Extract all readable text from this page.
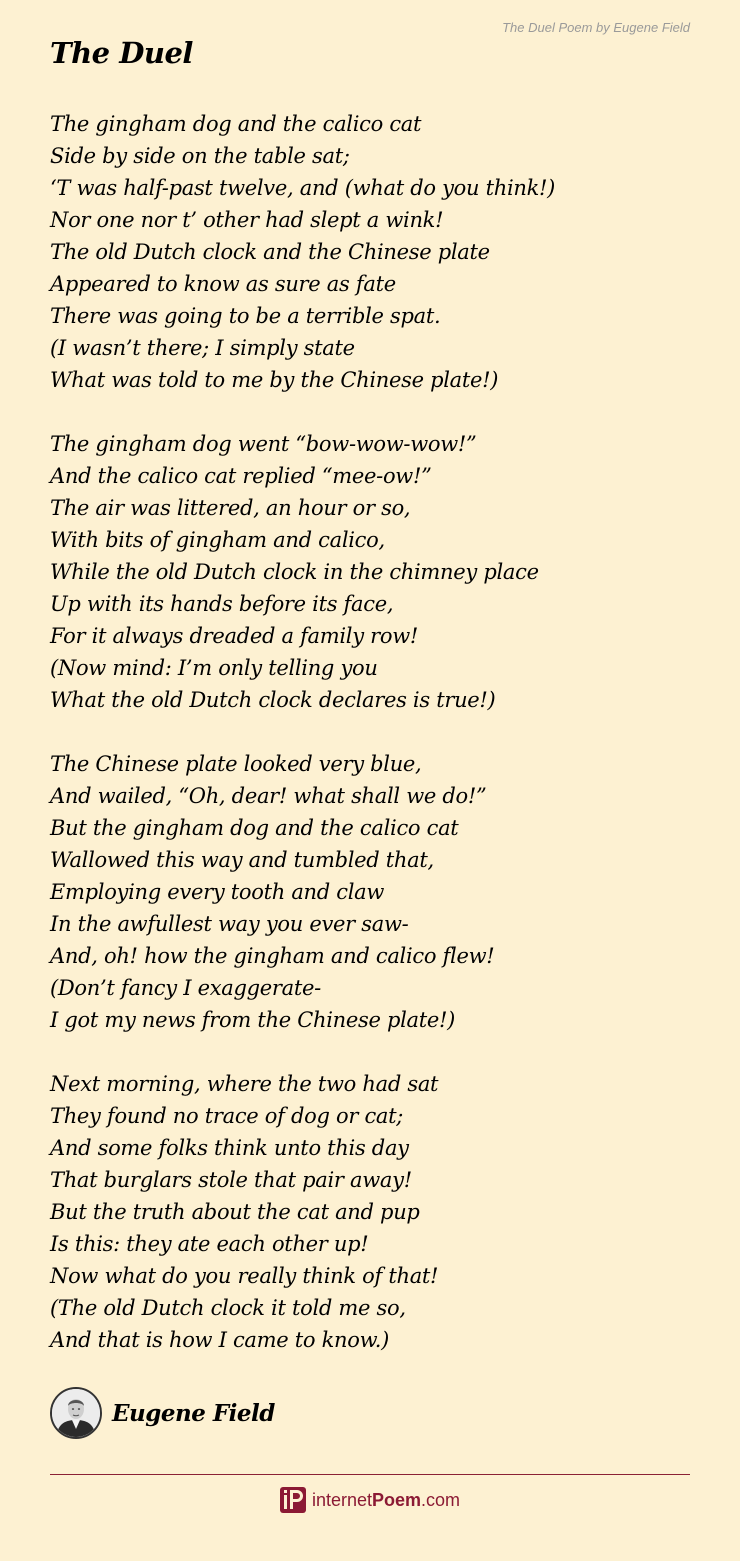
The Duel Poem by Eugene Field
The Duel
The gingham dog and the calico cat
Side by side on the table sat;
‘T was half-past twelve, and (what do you think!)
Nor one nor t’ other had slept a wink!
The old Dutch clock and the Chinese plate
Appeared to know as sure as fate
There was going to be a terrible spat.
(I wasn’t there; I simply state
What was told to me by the Chinese plate!)
The gingham dog went “bow-wow-wow!”
And the calico cat replied “mee-ow!”
The air was littered, an hour or so,
With bits of gingham and calico,
While the old Dutch clock in the chimney place
Up with its hands before its face,
For it always dreaded a family row!
(Now mind: I’m only telling you
What the old Dutch clock declares is true!)
The Chinese plate looked very blue,
And wailed, “Oh, dear! what shall we do!”
But the gingham dog and the calico cat
Wallowed this way and tumbled that,
Employing every tooth and claw
In the awfullest way you ever saw-
And, oh! how the gingham and calico flew!
(Don’t fancy I exaggerate-
I got my news from the Chinese plate!)
Next morning, where the two had sat
They found no trace of dog or cat;
And some folks think unto this day
That burglars stole that pair away!
But the truth about the cat and pup
Is this: they ate each other up!
Now what do you really think of that!
(The old Dutch clock it told me so,
And that is how I came to know.)
Eugene Field
internetPoem.com
